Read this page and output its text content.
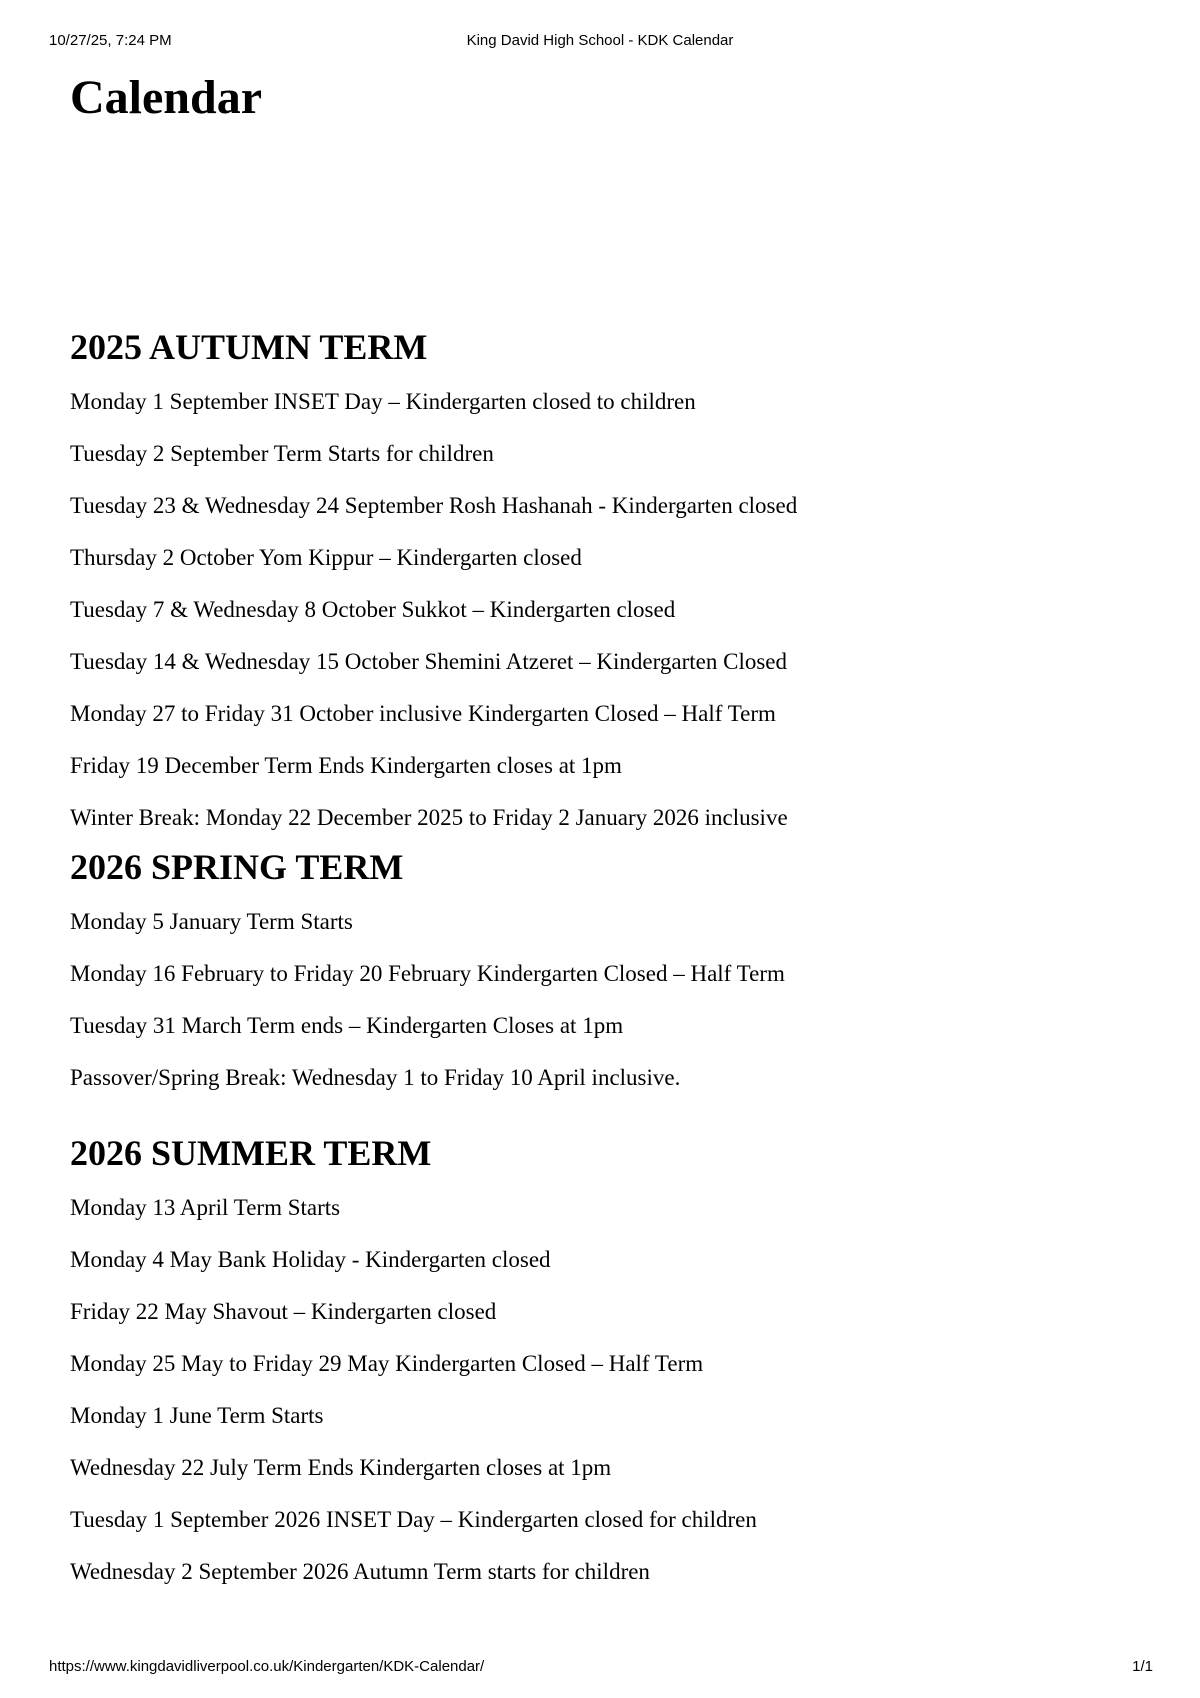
10/27/25, 7:24 PM	King David High School - KDK Calendar
Calendar
2025 AUTUMN TERM
Monday 1 September INSET Day – Kindergarten closed to children
Tuesday 2 September Term Starts for children
Tuesday 23 & Wednesday 24 September Rosh Hashanah - Kindergarten closed
Thursday 2 October Yom Kippur – Kindergarten closed
Tuesday 7 & Wednesday 8 October Sukkot – Kindergarten closed
Tuesday 14 & Wednesday 15 October Shemini Atzeret – Kindergarten Closed
Monday 27 to Friday 31 October inclusive Kindergarten Closed – Half Term
Friday 19 December Term Ends Kindergarten closes at 1pm
Winter Break: Monday 22 December 2025 to Friday 2 January 2026 inclusive
2026 SPRING TERM
Monday 5 January Term Starts
Monday 16 February to Friday 20 February Kindergarten Closed – Half Term
Tuesday 31 March Term ends – Kindergarten Closes at 1pm
Passover/Spring Break: Wednesday 1 to Friday 10 April inclusive.
2026 SUMMER TERM
Monday 13 April Term Starts
Monday 4 May Bank Holiday - Kindergarten closed
Friday 22 May Shavout – Kindergarten closed
Monday 25 May to Friday 29 May Kindergarten Closed – Half Term
Monday 1 June Term Starts
Wednesday 22 July Term Ends Kindergarten closes at 1pm
Tuesday 1 September 2026 INSET Day – Kindergarten closed for children
Wednesday 2 September 2026 Autumn Term starts for children
https://www.kingdavidliverpool.co.uk/Kindergarten/KDK-Calendar/	1/1
